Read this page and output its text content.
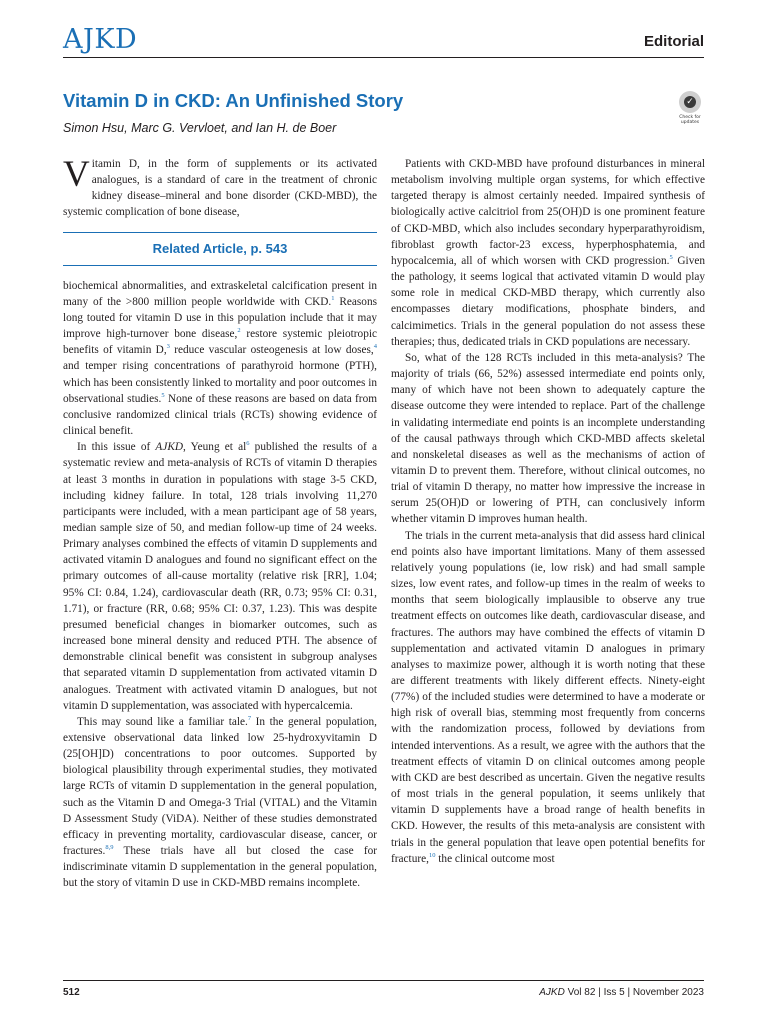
AJKD	Editorial
Vitamin D in CKD: An Unfinished Story	✓
Check for updates
Simon Hsu, Marc G. Vervloet, and Ian H. de Boer

Vitamin D, in the form of supplements or its activated analogues, is a standard of care in the treatment of chronic kidney disease–mineral and bone disorder (CKD-MBD), the systemic complication of bone disease,

Related Article, p. 543

biochemical abnormalities, and extraskeletal calcification present in many of the >800 million people worldwide with CKD.$^1$ Reasons long touted for vitamin D use in this population include that it may improve high-turnover bone disease,$^2$ restore systemic pleiotropic benefits of vitamin D,$^3$ reduce vascular osteogenesis at low doses,$^4$ and temper rising concentrations of parathyroid hormone (PTH), which has been consistently linked to mortality and poor outcomes in observational studies.$^5$ None of these reasons are based on data from conclusive randomized clinical trials (RCTs) showing evidence of clinical benefit.

In this issue of AJKD, Yeung et $al^6$ published the results of a systematic review and meta-analysis of RCTs of vitamin D therapies at least 3 months in duration in populations with stage 3-5 CKD, including kidney failure. In total, 128 trials involving 11,270 participants were included, with a mean participant age of 58 years, median sample size of 50, and median follow-up time of 24 weeks. Primary analyses combined the effects of vitamin D supplements and activated vitamin D analogues and found no significant effect on the primary outcomes of all-cause mortality (relative risk [RR], 1.04; 95% CI: 0.84, 1.24), cardiovascular death (RR, 0.73; 95% CI: 0.31, 1.71), or fracture (RR, 0.68; 95% CI: 0.37, 1.23). This was despite presumed beneficial changes in biomarker outcomes, such as increased bone mineral density and reduced PTH. The absence of demonstrable clinical benefit was consistent in subgroup analyses that separated vitamin D supplementation from activated vitamin D analogues. Treatment with activated vitamin D analogues, but not vitamin D supplementation, was associated with hypercalcemia.

This may sound like a familiar tale.$^7$ In the general population, extensive observational data linked low 25-hydroxyvitamin D (25[OH]D) concentrations to poor outcomes. Supported by biological plausibility through experimental studies, they motivated large RCTs of vitamin D supplementation in the general population, such as the Vitamin D and Omega-3 Trial (VITAL) and the Vitamin D Assessment Study (ViDA). Neither of these studies demonstrated efficacy in preventing mortality, cardiovascular disease, cancer, or fractures.$^{8,9}$ These trials have all but closed the case for indiscriminate vitamin D supplementation in the general population, but the story of vitamin D use in CKD-MBD remains incomplete.

Patients with CKD-MBD have profound disturbances in mineral metabolism involving multiple organ systems, for which effective targeted therapy is almost certainly needed. Impaired synthesis of biologically active calcitriol from 25(OH)D is one prominent feature of CKD-MBD, which also includes secondary hyperparathyroidism, fibroblast growth factor-23 excess, hyperphosphatemia, and hypocalcemia, all of which worsen with CKD progression.$^5$ Given the pathology, it seems logical that activated vitamin D would play some role in medical CKD-MBD therapy, which currently also encompasses dietary modifications, phosphate binders, and calcimimetics. Trials in the general population do not assess these therapies; thus, dedicated trials in CKD populations are necessary.

So, what of the 128 RCTs included in this meta-analysis? The majority of trials (66, 52%) assessed intermediate end points only, many of which have not been shown to adequately capture the disease outcome they were intended to replace. Part of the challenge in validating intermediate end points is an incomplete understanding of the causal pathways through which CKD-MBD affects skeletal and nonskeletal diseases as well as the mechanisms of action of vitamin D to prevent them. Therefore, without clinical outcomes, no trial of vitamin D therapy, no matter how impressive the increase in serum 25(OH)D or lowering of PTH, can conclusively inform whether vitamin D improves human health.

The trials in the current meta-analysis that did assess hard clinical end points also have important limitations. Many of them assessed relatively young populations (ie, low risk) and had small sample sizes, low event rates, and follow-up times in the realm of weeks to months that seem biologically implausible to observe any true treatment effects on outcomes like death, cardiovascular disease, and fractures. The authors may have combined the effects of vitamin D supplementation and activated vitamin D analogues in primary analyses to maximize power, although it is worth noting that these are different treatments with likely different effects. Ninety-eight (77%) of the included studies were determined to have a moderate or high risk of overall bias, stemming most frequently from concerns with the randomization process, followed by deviations from intended interventions. As a result, we agree with the authors that the treatment effects of vitamin D on clinical outcomes among people with CKD are best described as uncertain. Given the negative results of most trials in the general population, it seems unlikely that vitamin D supplements have a broad range of health benefits in CKD. However, the results of this meta-analysis are consistent with trials in the general population that leave open potential benefits for fracture,$^{10}$ the clinical outcome most

512	AJKD Vol 82 | Iss 5 | November 2023
